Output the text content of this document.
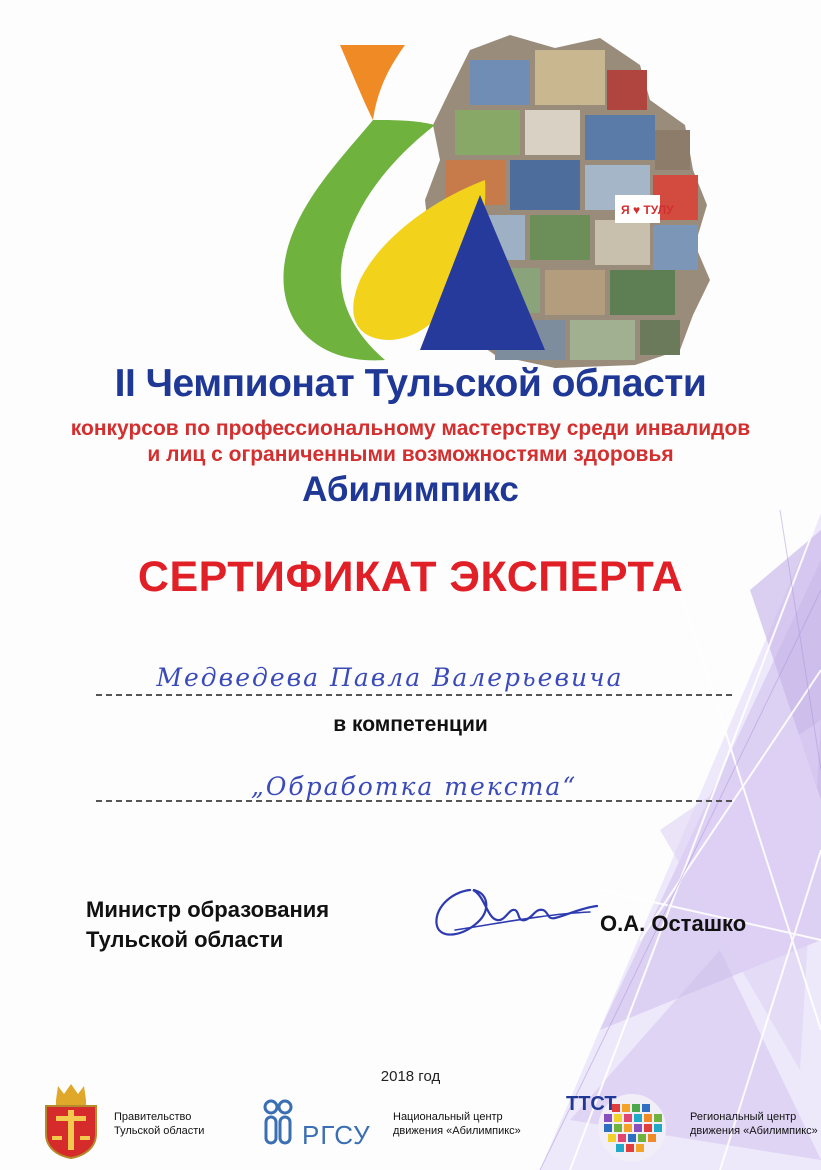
Я ♥ ТУЛУ
II Чемпионат Тульской области
конкурсов по профессиональному мастерству среди инвалидов
и лиц с ограниченными возможностями здоровья
Абилимпикс
СЕРТИФИКАТ ЭКСПЕРТА
Медведева Павла Валерьевича
в компетенции
„Обработка текста“
Министр образования
Тульской области
О.А. Осташко
2018 год
Правительство
Тульской области	РГСУ
Национальный центр
движения «Абилимпикс»
ТТСТ
Региональный центр
движения «Абилимпикс»
